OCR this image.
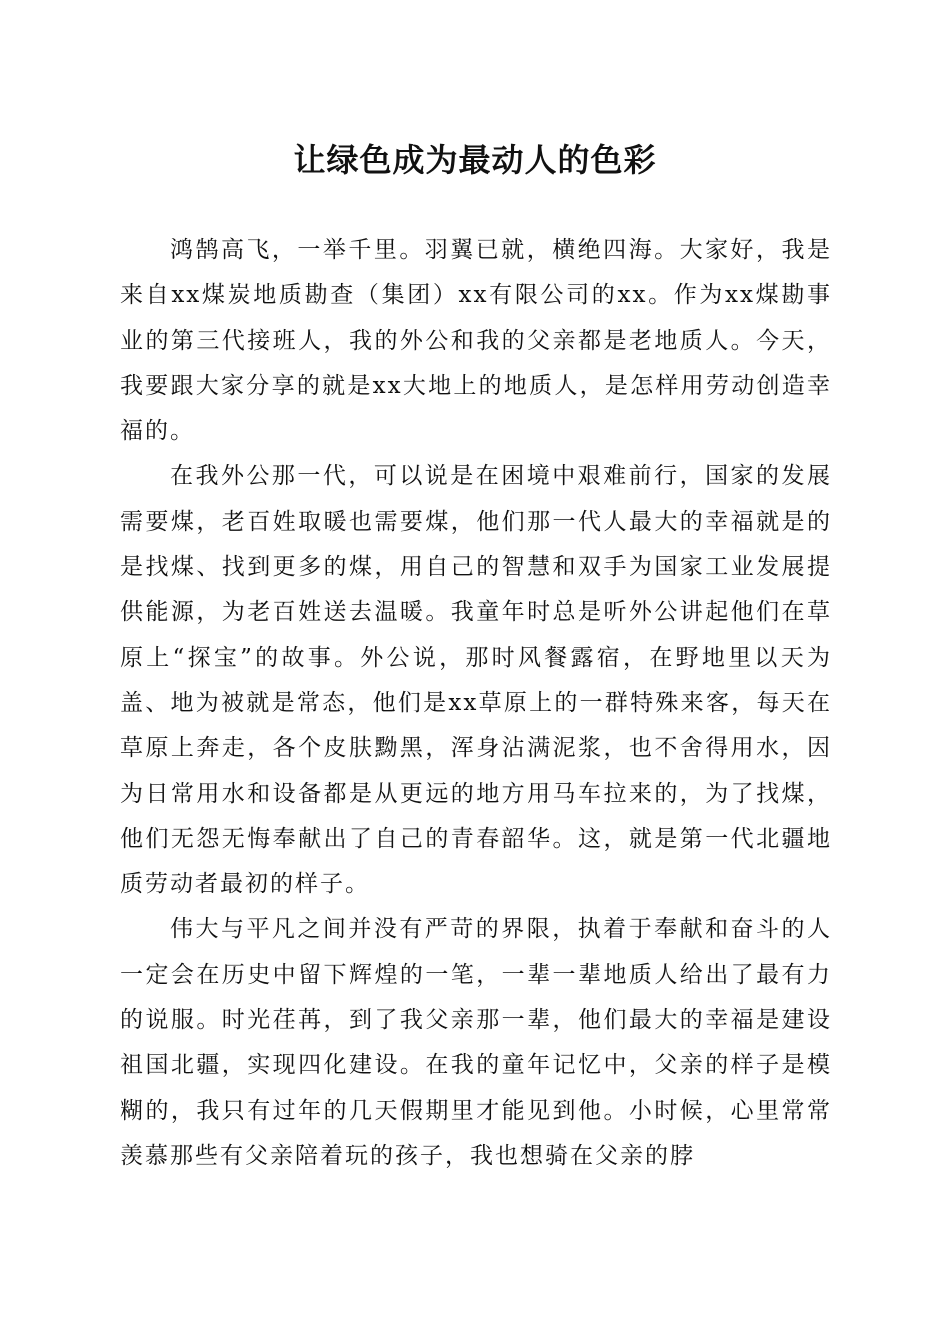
让绿色成为最动人的色彩

鸿鹄高飞，一举千里。羽翼已就，横绝四海。大家好，我是来自xx煤炭地质勘查（集团）xx有限公司的xx。作为xx煤勘事业的第三代接班人，我的外公和我的父亲都是老地质人。今天，我要跟大家分享的就是xx大地上的地质人，是怎样用劳动创造幸福的。

在我外公那一代，可以说是在困境中艰难前行，国家的发展需要煤，老百姓取暖也需要煤，他们那一代人最大的幸福就是的是找煤、找到更多的煤，用自己的智慧和双手为国家工业发展提供能源，为老百姓送去温暖。我童年时总是听外公讲起他们在草原上“探宝”的故事。外公说，那时风餐露宿，在野地里以天为盖、地为被就是常态，他们是xx草原上的一群特殊来客，每天在草原上奔走，各个皮肤黝黑，浑身沾满泥浆，也不舍得用水，因为日常用水和设备都是从更远的地方用马车拉来的，为了找煤，他们无怨无悔奉献出了自己的青春韶华。这，就是第一代北疆地质劳动者最初的样子。

伟大与平凡之间并没有严苛的界限，执着于奉献和奋斗的人一定会在历史中留下辉煌的一笔，一辈一辈地质人给出了最有力的说服。时光荏苒，到了我父亲那一辈，他们最大的幸福是建设祖国北疆，实现四化建设。在我的童年记忆中，父亲的样子是模糊的，我只有过年的几天假期里才能见到他。小时候，心里常常羡慕那些有父亲陪着玩的孩子，我也想骑在父亲的脖
